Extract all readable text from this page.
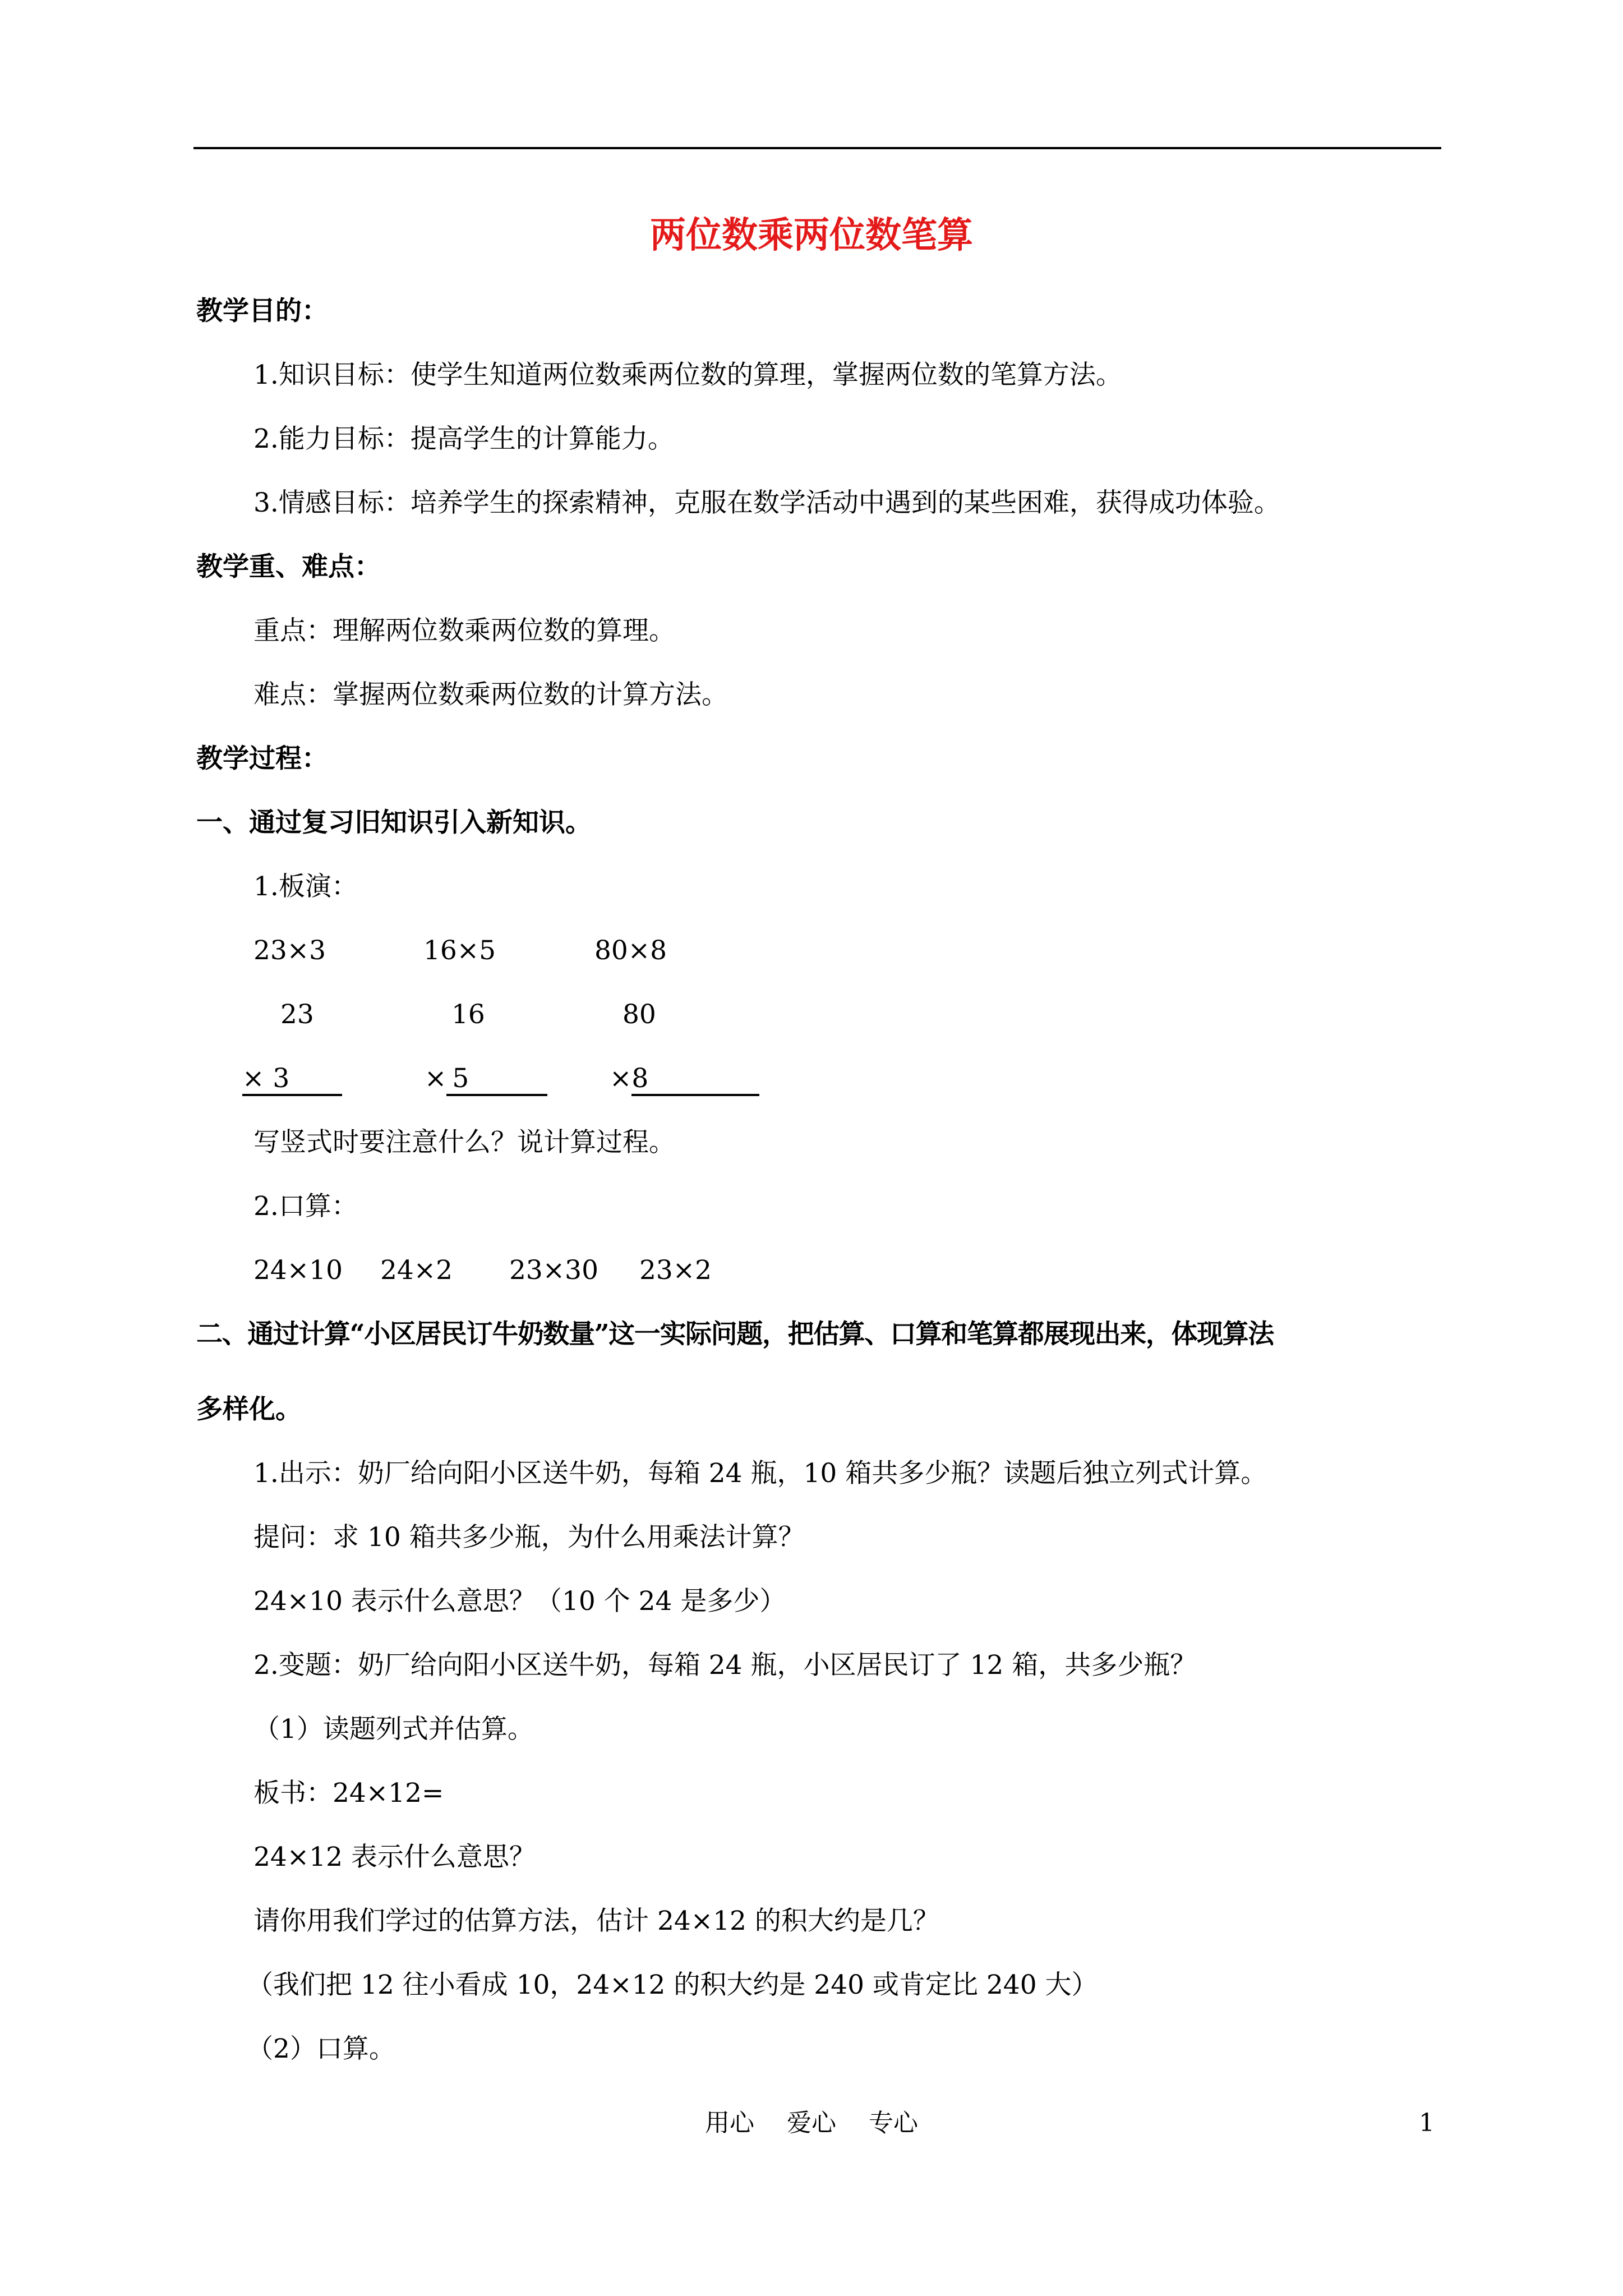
两位数乘两位数笔算
教学目的：
1.知识目标：使学生知道两位数乘两位数的算理，掌握两位数的笔算方法。
2.能力目标：提高学生的计算能力。
3.情感目标：培养学生的探索精神，克服在数学活动中遇到的某些困难，获得成功体验。
教学重、难点：
重点：理解两位数乘两位数的算理。
难点：掌握两位数乘两位数的计算方法。
教学过程：
一、通过复习旧知识引入新知识。
1.板演：
23×3	16×5	80×8
23	16	80
× 3	× 5	×8
写竖式时要注意什么？说计算过程。
2.口算：
24×10 24×2 23×30 23×2
二、通过计算“小区居民订牛奶数量”这一实际问题，把估算、口算和笔算都展现出来，体现算法
多样化。
1.出示：奶厂给向阳小区送牛奶，每箱 24 瓶，10 箱共多少瓶？读题后独立列式计算。
提问：求 10 箱共多少瓶，为什么用乘法计算？
24×10 表示什么意思？（10 个 24 是多少）
2.变题：奶厂给向阳小区送牛奶，每箱 24 瓶，小区居民订了 12 箱，共多少瓶？
（1）读题列式并估算。
板书：24×12=
24×12 表示什么意思？
请你用我们学过的估算方法，估计 24×12 的积大约是几？
（我们把 12 往小看成 10，24×12 的积大约是 240 或肯定比 240 大）
（2）口算。
用心 爱心 专心	1
